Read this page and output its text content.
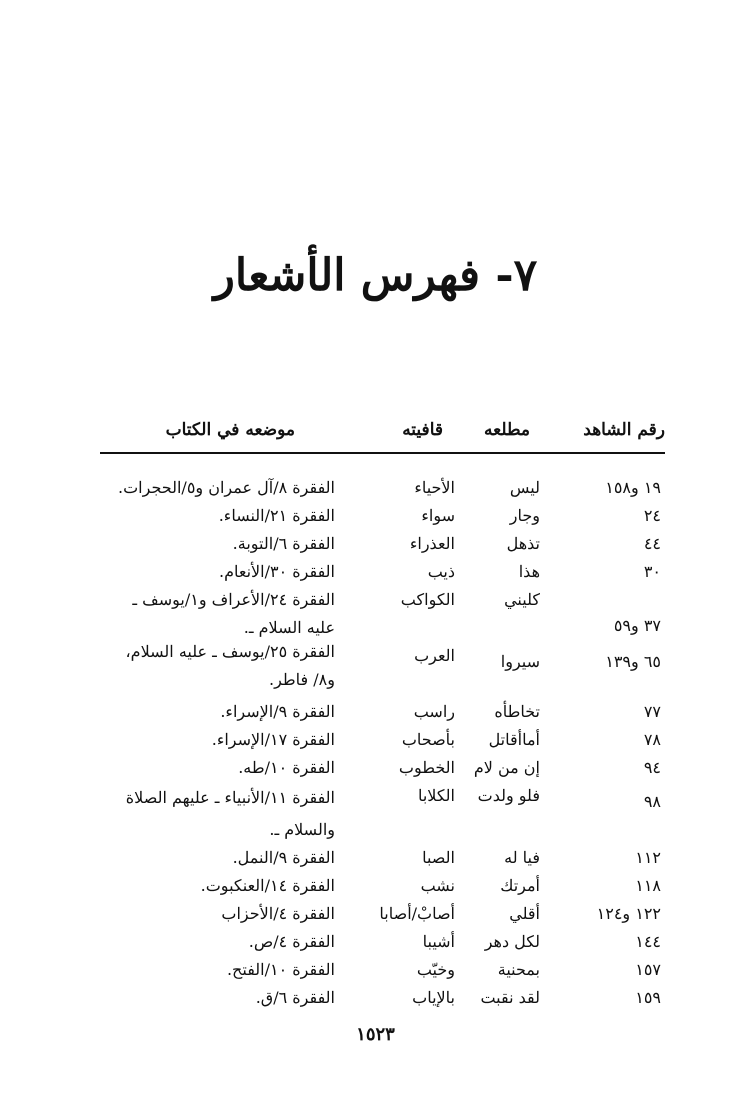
٧- فهرس الأشعار
رقم الشاهد
مطلعه
قافيته
موضعه في الكتاب
١٩ و١٥٨
ليس
الأحياء
الفقرة ٨/آل عمران و٥/الحجرات.
٢٤
وجار
سواء
الفقرة ٢١/النساء.
٤٤
تذهل
العذراء
الفقرة ٦/التوبة.
٣٠
هذا
ذيب
الفقرة ٣٠/الأنعام.
٣٧ و٥٩
كليني
الكواكب
الفقرة ٢٤/الأعراف و١/يوسف ـ عليه السلام ـ.
٦٥ و١٣٩
سيروا
العرب
الفقرة ٢٥/يوسف ـ عليه السلام، و٨/ فاطر.
٧٧
تخاطأه
راسب
الفقرة ٩/الإسراء.
٧٨
أماأقاتل
بأصحاب
الفقرة ١٧/الإسراء.
٩٤
إن من لام
الخطوب
الفقرة ١٠/طه.
٩٨
فلو ولدت
الكلابا
الفقرة ١١/الأنبياء ـ عليهم الصلاة والسلام ـ.
١١٢
فيا له
الصبا
الفقرة ٩/النمل.
١١٨
أمرتك
نشب
الفقرة ١٤/العنكبوت.
١٢٢ و١٢٤
أقلي
أصابْ/أصابا
الفقرة ٤/الأحزاب
١٤٤
لكل دهر
أشيبا
الفقرة ٤/ص.
١٥٧
بمحنية
وخيّب
الفقرة ١٠/الفتح.
١٥٩
لقد نقبت
بالإياب
الفقرة ٦/ق.
١٥٢٣
